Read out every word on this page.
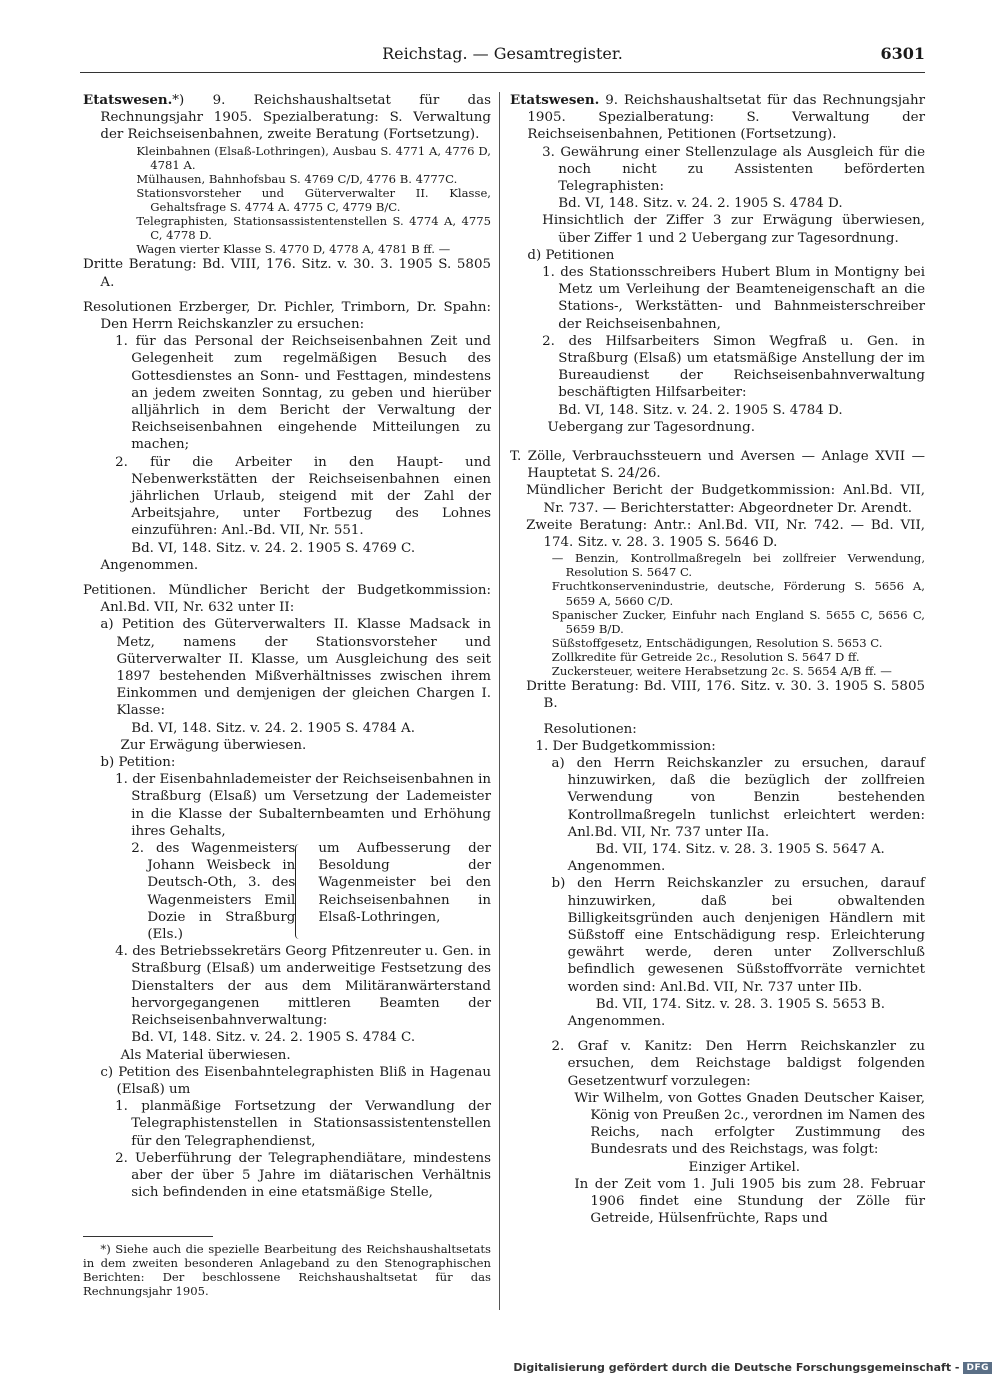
Reichstag. — Gesamtregister.	6301

Etatswesen.*) 9. Reichshaushaltsetat für das Rechnungsjahr 1905. Spezialberatung: S. Verwaltung der Reichseisenbahnen, zweite Beratung (Fortsetzung).

Kleinbahnen (Elsaß-Lothringen), Ausbau S. 4771 A, 4776 D, 4781 A.

Mülhausen, Bahnhofsbau S. 4769 C/D, 4776 B. 4777C.

Stationsvorsteher und Güterverwalter II. Klasse, Gehaltsfrage S. 4774 A. 4775 C, 4779 B/C.

Telegraphisten, Stationsassistentenstellen S. 4774 A, 4775 C, 4778 D.

Wagen vierter Klasse S. 4770 D, 4778 A, 4781 B ff. —

Dritte Beratung: Bd. VIII, 176. Sitz. v. 30. 3. 1905 S. 5805 A.

Resolutionen Erzberger, Dr. Pichler, Trimborn, Dr. Spahn: Den Herrn Reichskanzler zu ersuchen:

1. für das Personal der Reichseisenbahnen Zeit und Gelegenheit zum regelmäßigen Besuch des Gottesdienstes an Sonn- und Festtagen, mindestens an jedem zweiten Sonntag, zu geben und hierüber alljährlich in dem Bericht der Verwaltung der Reichseisenbahnen eingehende Mitteilungen zu machen;

2. für die Arbeiter in den Haupt- und Nebenwerkstätten der Reichseisenbahnen einen jährlichen Urlaub, steigend mit der Zahl der Arbeitsjahre, unter Fortbezug des Lohnes einzuführen: Anl.-Bd. VII, Nr. 551.

Bd. VI, 148. Sitz. v. 24. 2. 1905 S. 4769 C.

Angenommen.

Petitionen. Mündlicher Bericht der Budgetkommission: Anl.Bd. VII, Nr. 632 unter II:

a) Petition des Güterverwalters II. Klasse Madsack in Metz, namens der Stationsvorsteher und Güterverwalter II. Klasse, um Ausgleichung des seit 1897 bestehenden Mißverhältnisses zwischen ihrem Einkommen und demjenigen der gleichen Chargen I. Klasse:

Bd. VI, 148. Sitz. v. 24. 2. 1905 S. 4784 A.

Zur Erwägung überwiesen.

b) Petition:

1. der Eisenbahnlademeister der Reichseisenbahnen in Straßburg (Elsaß) um Versetzung der Lademeister in die Klasse der Subalternbeamten und Erhöhung ihres Gehalts,

2. des Wagenmeisters Johann Weisbeck in Deutsch-Oth, 3. des Wagenmeisters Emil Dozie in Straßburg (Els.)

um Aufbesserung der Besoldung der Wagenmeister bei den Reichseisenbahnen in Elsaß-Lothringen,

4. des Betriebssekretärs Georg Pfitzenreuter u. Gen. in Straßburg (Elsaß) um anderweitige Festsetzung des Dienstalters der aus dem Militäranwärterstand hervorgegangenen mittleren Beamten der Reichseisenbahnverwaltung:

Bd. VI, 148. Sitz. v. 24. 2. 1905 S. 4784 C.

Als Material überwiesen.

c) Petition des Eisenbahntelegraphisten Bliß in Hagenau (Elsaß) um

1. planmäßige Fortsetzung der Verwandlung der Telegraphistenstellen in Stationsassistentenstellen für den Telegraphendienst,

2. Ueberführung der Telegraphendiätare, mindestens aber der über 5 Jahre im diätarischen Verhältnis sich befindenden in eine etatsmäßige Stelle,

*) Siehe auch die spezielle Bearbeitung des Reichshaushaltsetats in dem zweiten besonderen Anlageband zu den Stenographischen Berichten: Der beschlossene Reichshaushaltsetat für das Rechnungsjahr 1905.

Etatswesen. 9. Reichshaushaltsetat für das Rechnungsjahr 1905. Spezialberatung: S. Verwaltung der Reichseisenbahnen, Petitionen (Fortsetzung).

3. Gewährung einer Stellenzulage als Ausgleich für die noch nicht zu Assistenten beförderten Telegraphisten:

Bd. VI, 148. Sitz. v. 24. 2. 1905 S. 4784 D.

Hinsichtlich der Ziffer 3 zur Erwägung überwiesen, über Ziffer 1 und 2 Uebergang zur Tagesordnung.

d) Petitionen

1. des Stationsschreibers Hubert Blum in Montigny bei Metz um Verleihung der Beamteneigenschaft an die Stations-, Werkstätten- und Bahnmeisterschreiber der Reichseisenbahnen,

2. des Hilfsarbeiters Simon Wegfraß u. Gen. in Straßburg (Elsaß) um etatsmäßige Anstellung der im Bureaudienst der Reichseisenbahnverwaltung beschäftigten Hilfsarbeiter:

Bd. VI, 148. Sitz. v. 24. 2. 1905 S. 4784 D.

Uebergang zur Tagesordnung.

T. Zölle, Verbrauchssteuern und Aversen — Anlage XVII — Hauptetat S. 24/26.

Mündlicher Bericht der Budgetkommission: Anl.Bd. VII, Nr. 737. — Berichterstatter: Abgeordneter Dr. Arendt.

Zweite Beratung: Antr.: Anl.Bd. VII, Nr. 742. — Bd. VII, 174. Sitz. v. 28. 3. 1905 S. 5646 D.

— Benzin, Kontrollmaßregeln bei zollfreier Verwendung, Resolution S. 5647 C.

Fruchtkonservenindustrie, deutsche, Förderung S. 5656 A, 5659 A, 5660 C/D.

Spanischer Zucker, Einfuhr nach England S. 5655 C, 5656 C, 5659 B/D.

Süßstoffgesetz, Entschädigungen, Resolution S. 5653 C.

Zollkredite für Getreide 2c., Resolution S. 5647 D ff.

Zuckersteuer, weitere Herabsetzung 2c. S. 5654 A/B ff. —

Dritte Beratung: Bd. VIII, 176. Sitz. v. 30. 3. 1905 S. 5805 B.

Resolutionen:

1. Der Budgetkommission:

a) den Herrn Reichskanzler zu ersuchen, darauf hinzuwirken, daß die bezüglich der zollfreien Verwendung von Benzin bestehenden Kontrollmaßregeln tunlichst erleichtert werden: Anl.Bd. VII, Nr. 737 unter IIa.

Bd. VII, 174. Sitz. v. 28. 3. 1905 S. 5647 A.

Angenommen.

b) den Herrn Reichskanzler zu ersuchen, darauf hinzuwirken, daß bei obwaltenden Billigkeitsgründen auch denjenigen Händlern mit Süßstoff eine Entschädigung resp. Erleichterung gewährt werde, deren unter Zollverschluß befindlich gewesenen Süßstoffvorräte vernichtet worden sind: Anl.Bd. VII, Nr. 737 unter IIb.

Bd. VII, 174. Sitz. v. 28. 3. 1905 S. 5653 B.

Angenommen.

2. Graf v. Kanitz: Den Herrn Reichskanzler zu ersuchen, dem Reichstage baldigst folgenden Gesetzentwurf vorzulegen:

Wir Wilhelm, von Gottes Gnaden Deutscher Kaiser, König von Preußen 2c., verordnen im Namen des Reichs, nach erfolgter Zustimmung des Bundesrats und des Reichstags, was folgt:

Einziger Artikel.

In der Zeit vom 1. Juli 1905 bis zum 28. Februar 1906 findet eine Stundung der Zölle für Getreide, Hülsenfrüchte, Raps und

Digitalisierung gefördert durch die Deutsche Forschungsgemeinschaft - DFG
